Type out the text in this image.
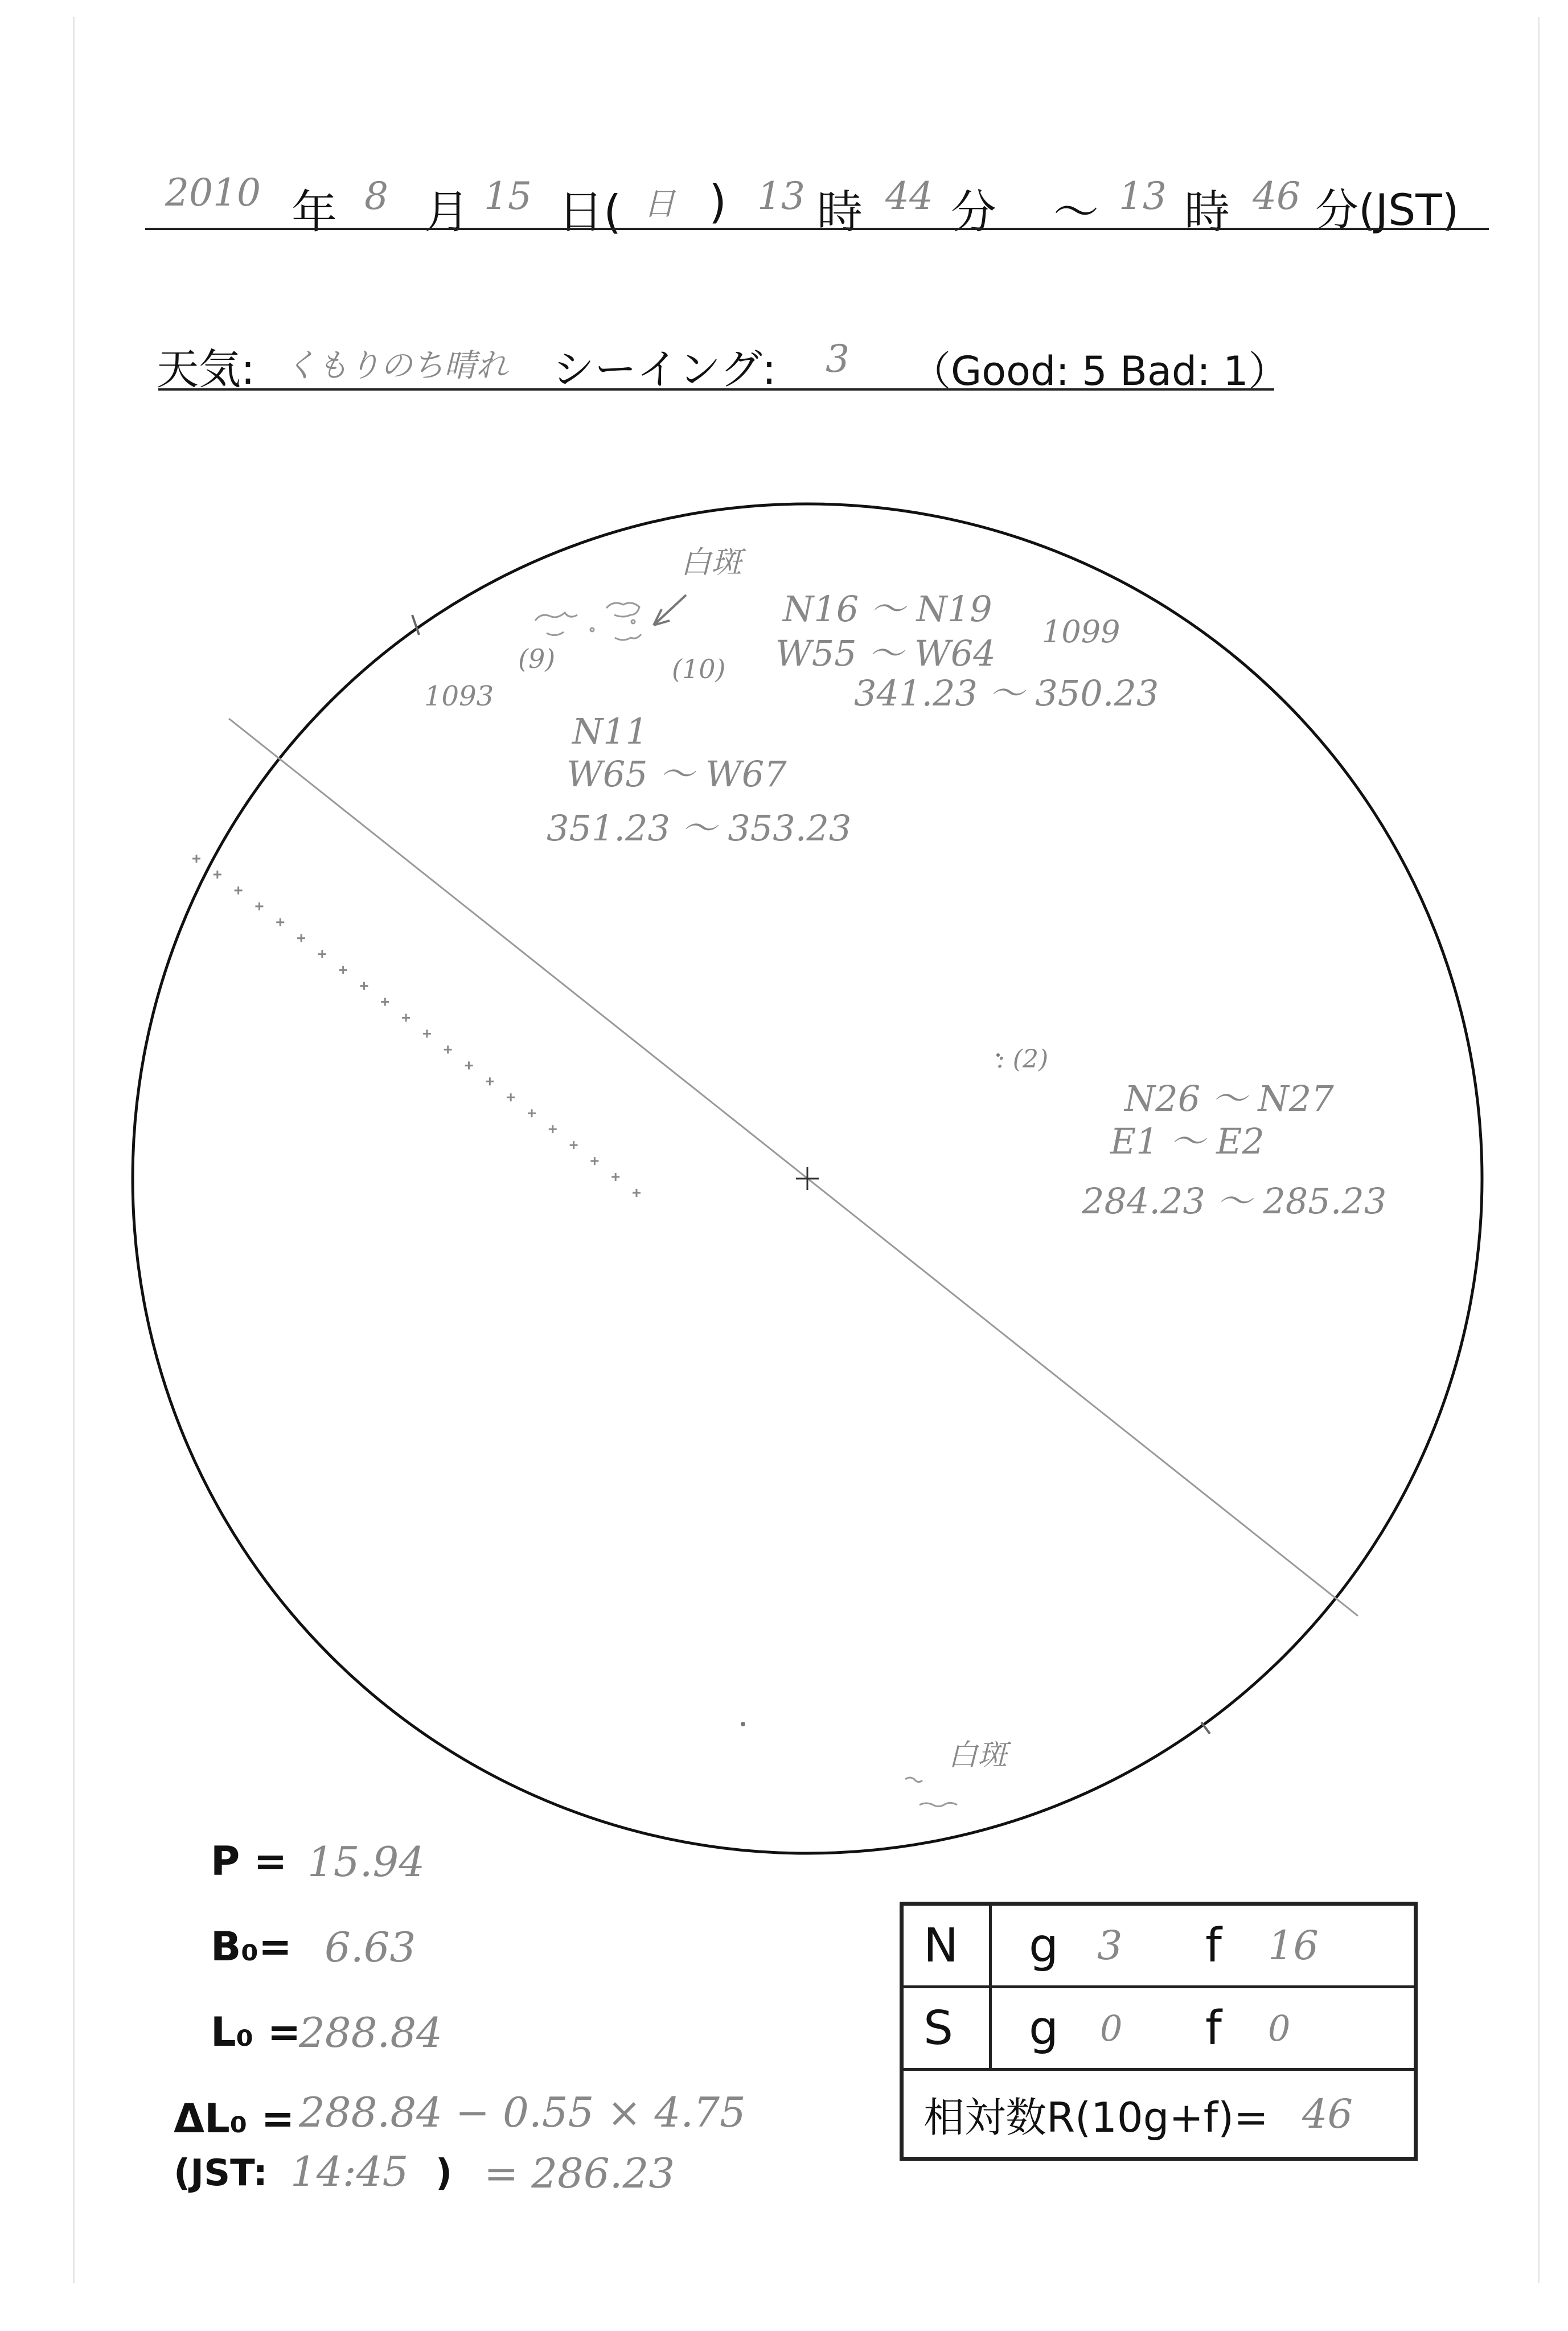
2010 年 8 月 15 日( 日 ) 13 時 44 分 ～ 13 時 46 分(JST)
天気: くもりのち晴れ シーイング: 3 （Good: 5 Bad: 1）
白斑
1093
(9)	(10)
N16 ～ N19
W55 ～ W64
341.23 ～ 350.23
1099
N11
W65 ～ W67
351.23 ～ 353.23
: (2)
N26 ～ N27
E1 ～ E2
284.23 ～ 285.23
白斑
P = 15.94
B₀= 6.63
L₀ =
288.84
ΔL₀ = 288.84 − 0.55 × 4.75
(JST: 14:45 ) = 286.23
N g 3 f 16
S g 0 f 0
相対数R(10g+f)= 46
